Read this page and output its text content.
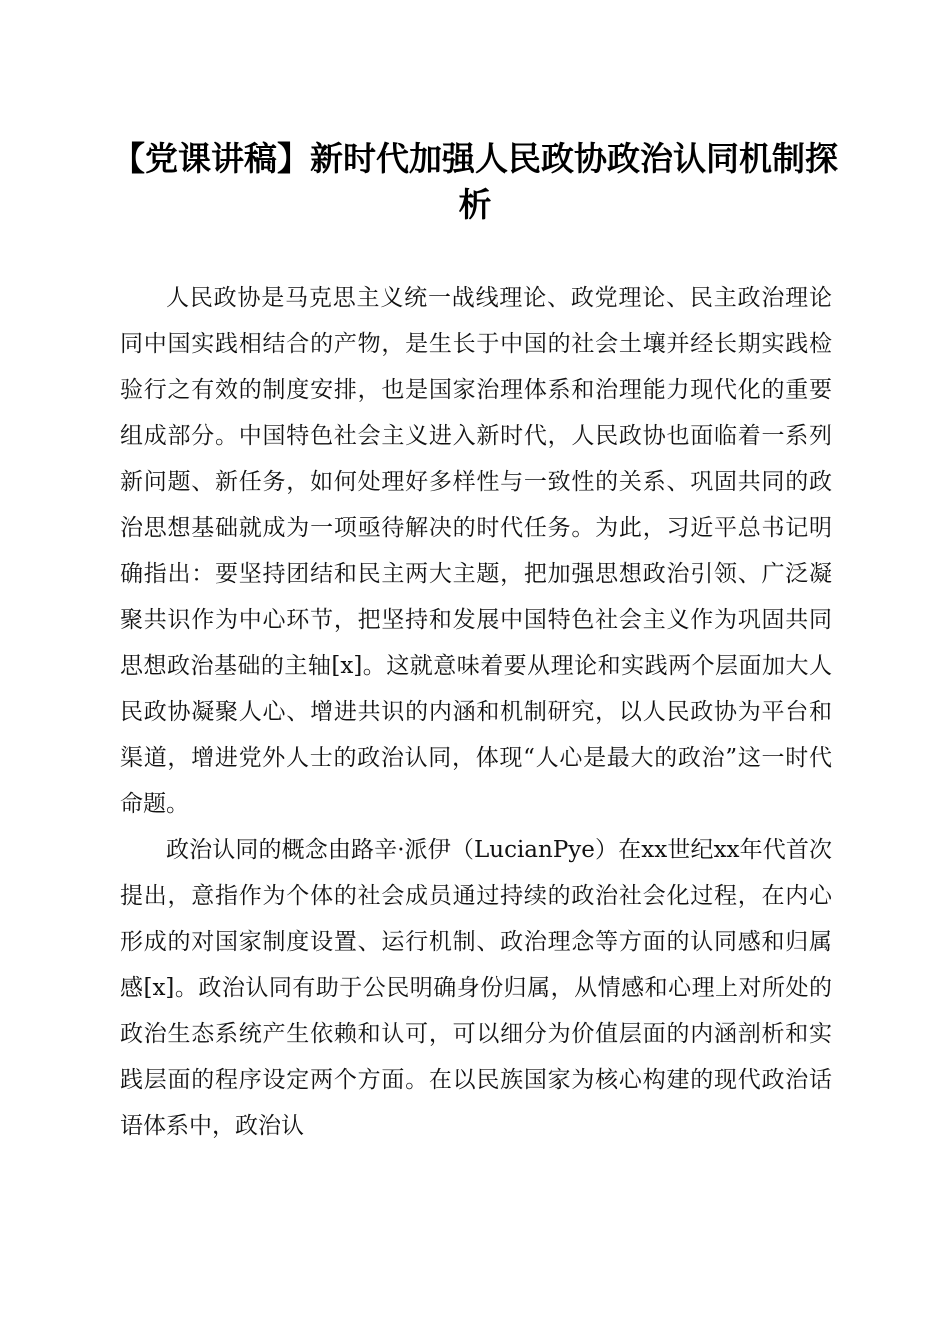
【党课讲稿】新时代加强人民政协政治认同机制探析

人民政协是马克思主义统一战线理论、政党理论、民主政治理论同中国实践相结合的产物，是生长于中国的社会土壤并经长期实践检验行之有效的制度安排，也是国家治理体系和治理能力现代化的重要组成部分。中国特色社会主义进入新时代，人民政协也面临着一系列新问题、新任务，如何处理好多样性与一致性的关系、巩固共同的政治思想基础就成为一项亟待解决的时代任务。为此，习近平总书记明确指出：要坚持团结和民主两大主题，把加强思想政治引领、广泛凝聚共识作为中心环节，把坚持和发展中国特色社会主义作为巩固共同思想政治基础的主轴[x]。这就意味着要从理论和实践两个层面加大人民政协凝聚人心、增进共识的内涵和机制研究，以人民政协为平台和渠道，增进党外人士的政治认同，体现“人心是最大的政治”这一时代命题。

政治认同的概念由路辛·派伊（LucianPye）在xx世纪xx年代首次提出，意指作为个体的社会成员通过持续的政治社会化过程，在内心形成的对国家制度设置、运行机制、政治理念等方面的认同感和归属感[x]。政治认同有助于公民明确身份归属，从情感和心理上对所处的政治生态系统产生依赖和认可，可以细分为价值层面的内涵剖析和实践层面的程序设定两个方面。在以民族国家为核心构建的现代政治话语体系中，政治认
